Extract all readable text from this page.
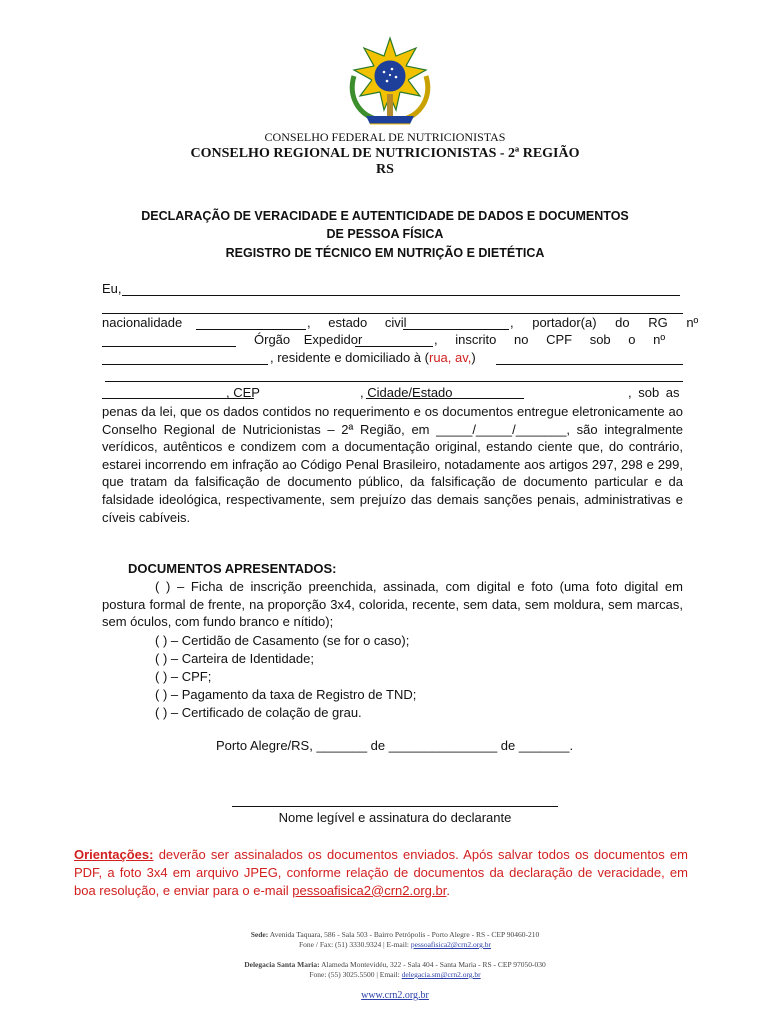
CONSELHO FEDERAL DE NUTRICIONISTAS
CONSELHO REGIONAL DE NUTRICIONISTAS - 2ª REGIÃO
RS
DECLARAÇÃO DE VERACIDADE E AUTENTICIDADE DE DADOS E DOCUMENTOS
DE PESSOA FÍSICA
REGISTRO DE TÉCNICO EM NUTRIÇÃO E DIETÉTICA
Eu,
nacionalidade	, estado civil	, portador(a) do RG nº
Órgão Expedidor	, inscrito no CPF sob o nº
, residente e domiciliado à (rua, av,)
, CEP	, Cidade/Estado	, sob as
penas da lei, que os dados contidos no requerimento e os documentos entregue eletronicamente ao Conselho Regional de Nutricionistas – 2ª Região, em _____/_____/_______, são integralmente verídicos, autênticos e condizem com a documentação original, estando ciente que, do contrário, estarei incorrendo em infração ao Código Penal Brasileiro, notadamente aos artigos 297, 298 e 299, que tratam da falsificação de documento público, da falsificação de documento particular e da falsidade ideológica, respectivamente, sem prejuízo das demais sanções penais, administrativas e cíveis cabíveis.
DOCUMENTOS APRESENTADOS:
( ) – Ficha de inscrição preenchida, assinada, com digital e foto (uma foto digital em postura formal de frente, na proporção 3x4, colorida, recente, sem data, sem moldura, sem marcas, sem óculos, com fundo branco e nítido);
( ) – Certidão de Casamento (se for o caso);
( ) – Carteira de Identidade;
( ) – CPF;
( ) – Pagamento da taxa de Registro de TND;
( ) – Certificado de colação de grau.
Porto Alegre/RS, _______ de _______________ de _______.
Nome legível e assinatura do declarante
Orientações: deverão ser assinalados os documentos enviados. Após salvar todos os documentos em PDF, a foto 3x4 em arquivo JPEG, conforme relação de documentos da declaração de veracidade, em boa resolução, e enviar para o e-mail pessoafisica2@crn2.org.br.
Sede: Avenida Taquara, 586 - Sala 503 - Bairro Petrópolis - Porto Alegre - RS - CEP 90460-210
Fone / Fax: (51) 3330.9324 | E-mail: pessoafisica2@crn2.org.br
Delegacia Santa Maria: Alameda Montevidéu, 322 - Sala 404 - Santa Maria - RS - CEP 97050-030
Fone: (55) 3025.5500 | Email: delegacia.sm@crn2.org.br
www.crn2.org.br
